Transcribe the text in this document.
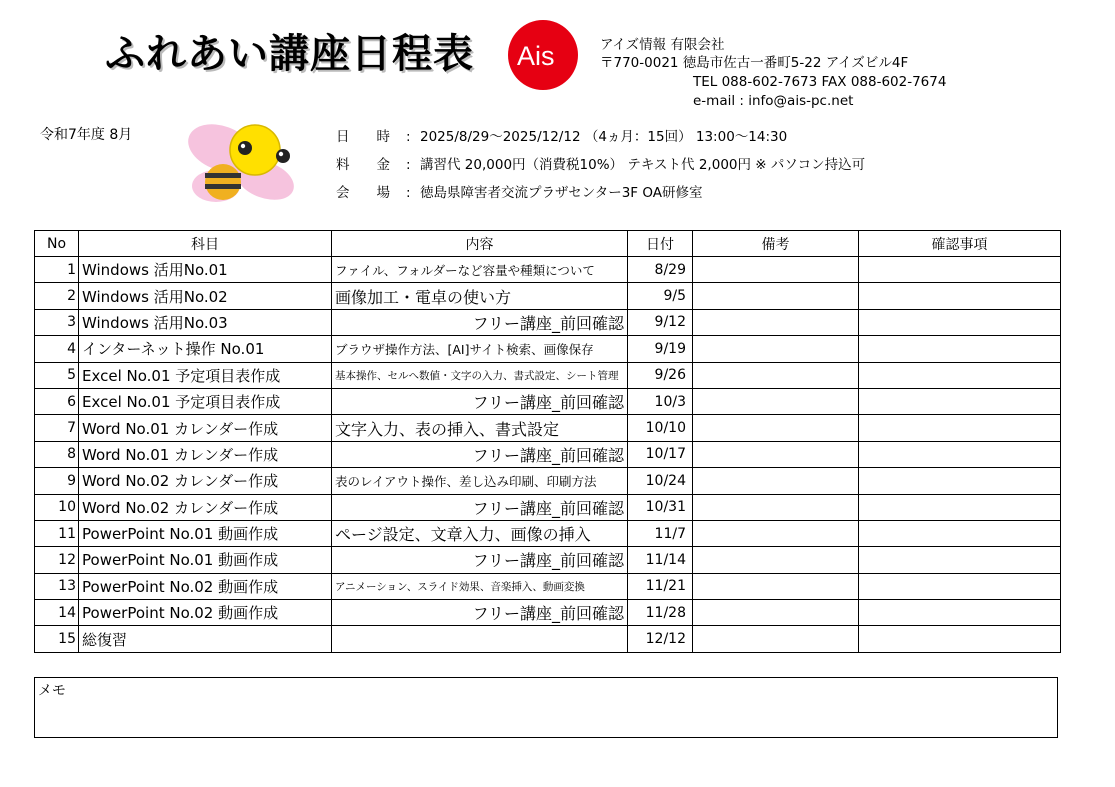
ふれあい講座日程表 Ais	アイズ情報 有限会社
〒770-0021 徳島市佐古一番町5-22 アイズビル4F
TEL 088-602-7673 FAX 088-602-7674
e-mail : info@ais-pc.net
令和7年度 8月	日　　時 : 2025/8/29〜2025/12/12 （4ヵ月：15回） 13:00〜14:30
料　　金 : 講習代 20,000円（消費税10%） テキスト代 2,000円 ※ パソコン持込可
会　　場 : 徳島県障害者交流プラザセンター3F OA研修室
No	科目	内容	日付	備考	確認事項
1	Windows 活用No.01	ファイル、フォルダーなど容量や種類について	8/29		
2	Windows 活用No.02	画像加工・電卓の使い方	9/5		
3	Windows 活用No.03	フリー講座_前回確認	9/12		
4	インターネット操作 No.01	ブラウザ操作方法、[AI]サイト検索、画像保存	9/19		
5	Excel No.01 予定項目表作成	基本操作、セルへ数値・文字の入力、書式設定、シート管理	9/26		
6	Excel No.01 予定項目表作成	フリー講座_前回確認	10/3		
7	Word No.01 カレンダー作成	文字入力、表の挿入、書式設定	10/10		
8	Word No.01 カレンダー作成	フリー講座_前回確認	10/17		
9	Word No.02 カレンダー作成	表のレイアウト操作、差し込み印刷、印刷方法	10/24		
10	Word No.02 カレンダー作成	フリー講座_前回確認	10/31		
11	PowerPoint No.01 動画作成	ページ設定、文章入力、画像の挿入	11/7		
12	PowerPoint No.01 動画作成	フリー講座_前回確認	11/14		
13	PowerPoint No.02 動画作成	アニメーション、スライド効果、音楽挿入、動画変換	11/21		
14	PowerPoint No.02 動画作成	フリー講座_前回確認	11/28		
15	総復習		12/12		
メモ
